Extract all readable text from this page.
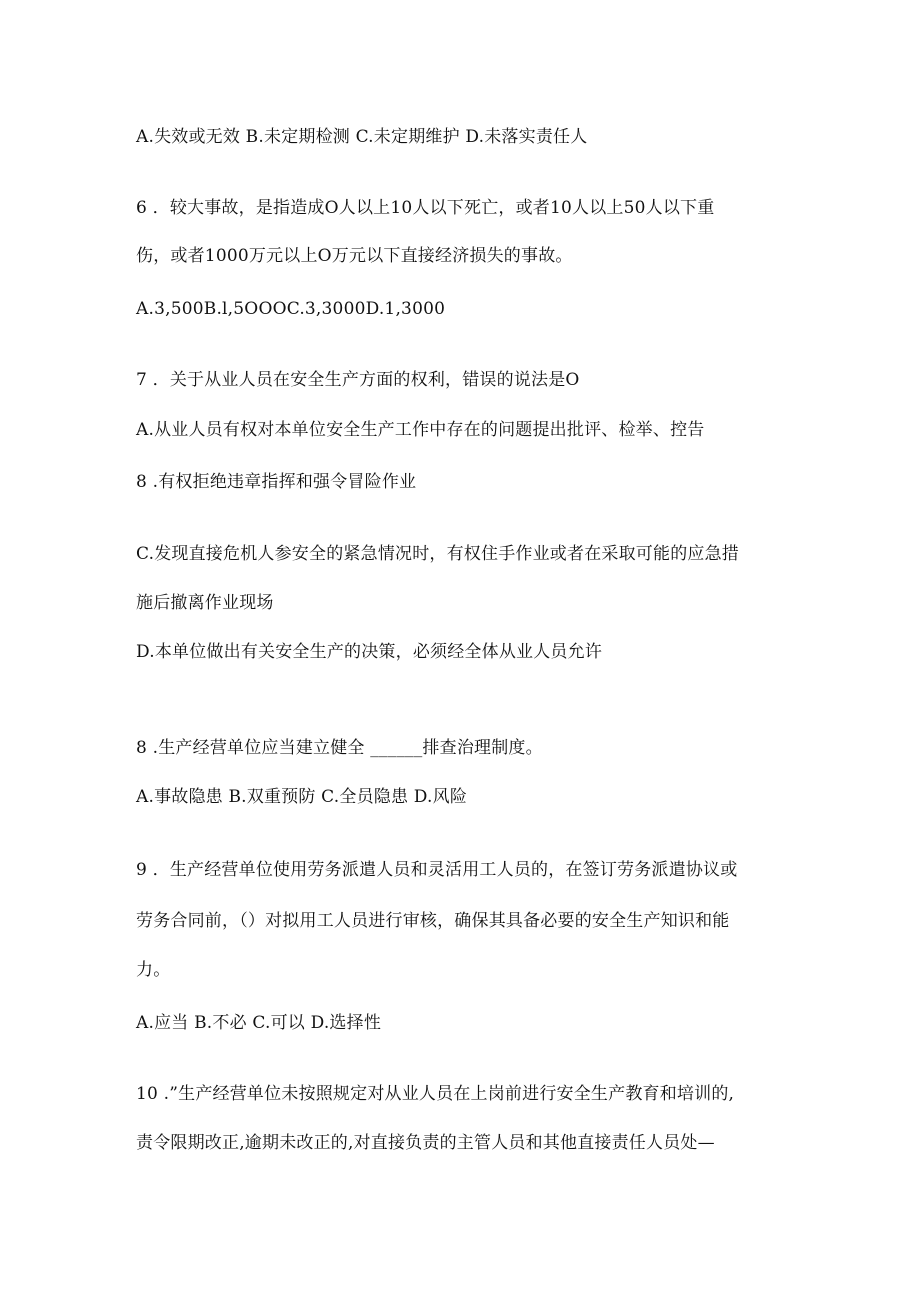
A.失效或无效 B.未定期检测 C.未定期维护 D.未落实责任人
6 ．较大事故，是指造成O人以上10人以下死亡，或者10人以上50人以下重
伤，或者1000万元以上O万元以下直接经济损失的事故。
A.3,500B.l,5OOOC.3,3000D.1,3000
7 ．关于从业人员在安全生产方面的权利，错误的说法是O
A.从业人员有权对本单位安全生产工作中存在的问题提出批评、检举、控告
8 .有权拒绝违章指挥和强令冒险作业
C.发现直接危机人参安全的紧急情况时，有权住手作业或者在采取可能的应急措
施后撤离作业现场
D.本单位做出有关安全生产的决策，必须经全体从业人员允许
8 .生产经营单位应当建立健全 ______排查治理制度。
A.事故隐患 B.双重预防 C.全员隐患 D.风险
9 ．生产经营单位使用劳务派遣人员和灵活用工人员的，在签订劳务派遣协议或
劳务合同前，（）对拟用工人员进行审核，确保其具备必要的安全生产知识和能
力。
A.应当 B.不必 C.可以 D.选择性
10 .”生产经营单位未按照规定对从业人员在上岗前进行安全生产教育和培训的,
责令限期改正,逾期未改正的,对直接负责的主管人员和其他直接责任人员处—
